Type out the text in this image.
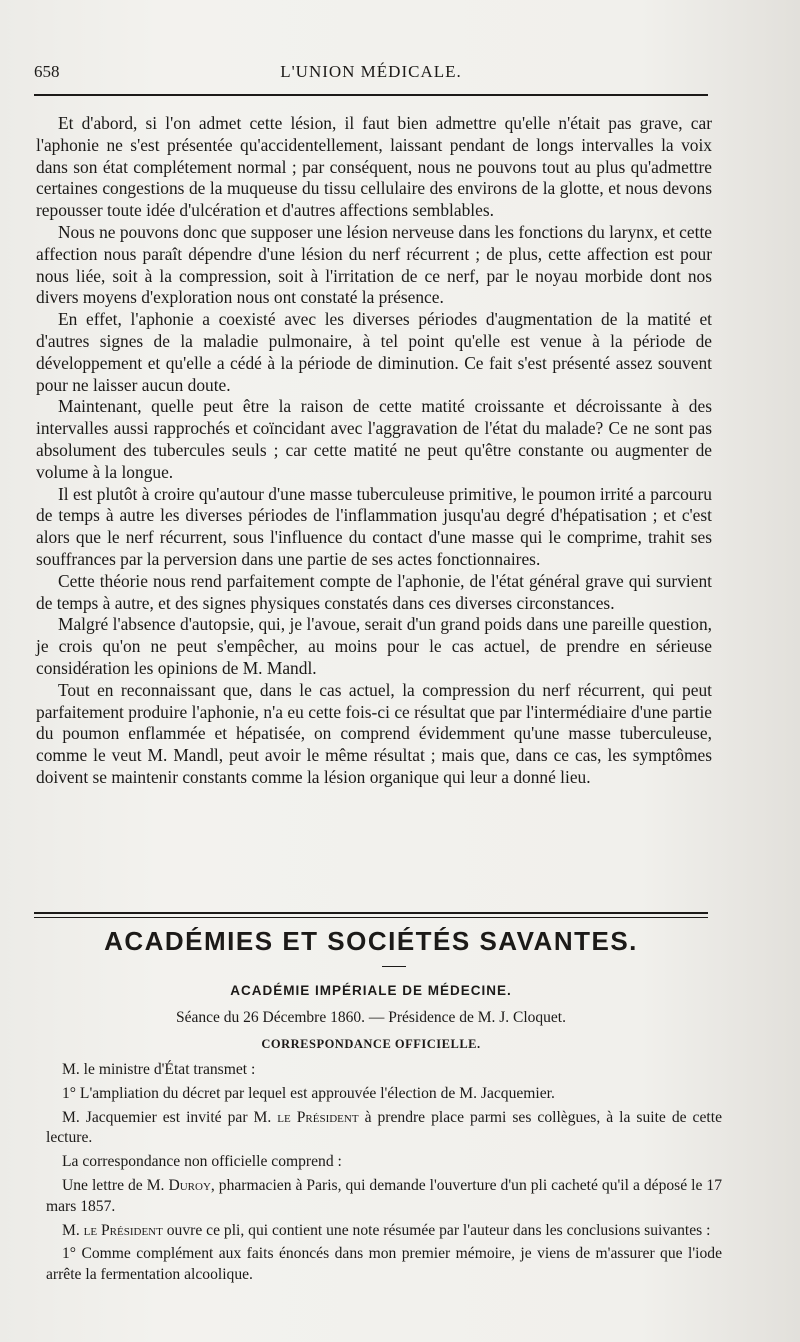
658	L'UNION MÉDICALE.

Et d'abord, si l'on admet cette lésion, il faut bien admettre qu'elle n'était pas grave, car l'aphonie ne s'est présentée qu'accidentellement, laissant pendant de longs intervalles la voix dans son état complétement normal ; par conséquent, nous ne pouvons tout au plus qu'admettre certaines congestions de la muqueuse du tissu cellulaire des environs de la glotte, et nous devons repousser toute idée d'ulcération et d'autres affections semblables.

Nous ne pouvons donc que supposer une lésion nerveuse dans les fonctions du larynx, et cette affection nous paraît dépendre d'une lésion du nerf récurrent ; de plus, cette affection est pour nous liée, soit à la compression, soit à l'irritation de ce nerf, par le noyau morbide dont nos divers moyens d'exploration nous ont constaté la présence.

En effet, l'aphonie a coexisté avec les diverses périodes d'augmentation de la matité et d'autres signes de la maladie pulmonaire, à tel point qu'elle est venue à la période de développement et qu'elle a cédé à la période de diminution. Ce fait s'est présenté assez souvent pour ne laisser aucun doute.

Maintenant, quelle peut être la raison de cette matité croissante et décroissante à des intervalles aussi rapprochés et coïncidant avec l'aggravation de l'état du malade? Ce ne sont pas absolument des tubercules seuls ; car cette matité ne peut qu'être constante ou augmenter de volume à la longue.

Il est plutôt à croire qu'autour d'une masse tuberculeuse primitive, le poumon irrité a parcouru de temps à autre les diverses périodes de l'inflammation jusqu'au degré d'hépatisation ; et c'est alors que le nerf récurrent, sous l'influence du contact d'une masse qui le comprime, trahit ses souffrances par la perversion dans une partie de ses actes fonctionnaires.

Cette théorie nous rend parfaitement compte de l'aphonie, de l'état général grave qui survient de temps à autre, et des signes physiques constatés dans ces diverses circonstances.

Malgré l'absence d'autopsie, qui, je l'avoue, serait d'un grand poids dans une pareille question, je crois qu'on ne peut s'empêcher, au moins pour le cas actuel, de prendre en sérieuse considération les opinions de M. Mandl.

Tout en reconnaissant que, dans le cas actuel, la compression du nerf récurrent, qui peut parfaitement produire l'aphonie, n'a eu cette fois-ci ce résultat que par l'intermédiaire d'une partie du poumon enflammée et hépatisée, on comprend évidemment qu'une masse tuberculeuse, comme le veut M. Mandl, peut avoir le même résultat ; mais que, dans ce cas, les symptômes doivent se maintenir constants comme la lésion organique qui leur a donné lieu.

ACADÉMIES ET SOCIÉTÉS SAVANTES.
ACADÉMIE IMPÉRIALE DE MÉDECINE.
Séance du 26 Décembre 1860. — Présidence de M. J. Cloquet.
CORRESPONDANCE OFFICIELLE.

M. le ministre d'État transmet :

1° L'ampliation du décret par lequel est approuvée l'élection de M. Jacquemier.

M. Jacquemier est invité par M. le Président à prendre place parmi ses collègues, à la suite de cette lecture.

La correspondance non officielle comprend :

Une lettre de M. Duroy, pharmacien à Paris, qui demande l'ouverture d'un pli cacheté qu'il a déposé le 17 mars 1857.

M. le Président ouvre ce pli, qui contient une note résumée par l'auteur dans les conclusions suivantes :

1° Comme complément aux faits énoncés dans mon premier mémoire, je viens de m'assurer que l'iode arrête la fermentation alcoolique.
